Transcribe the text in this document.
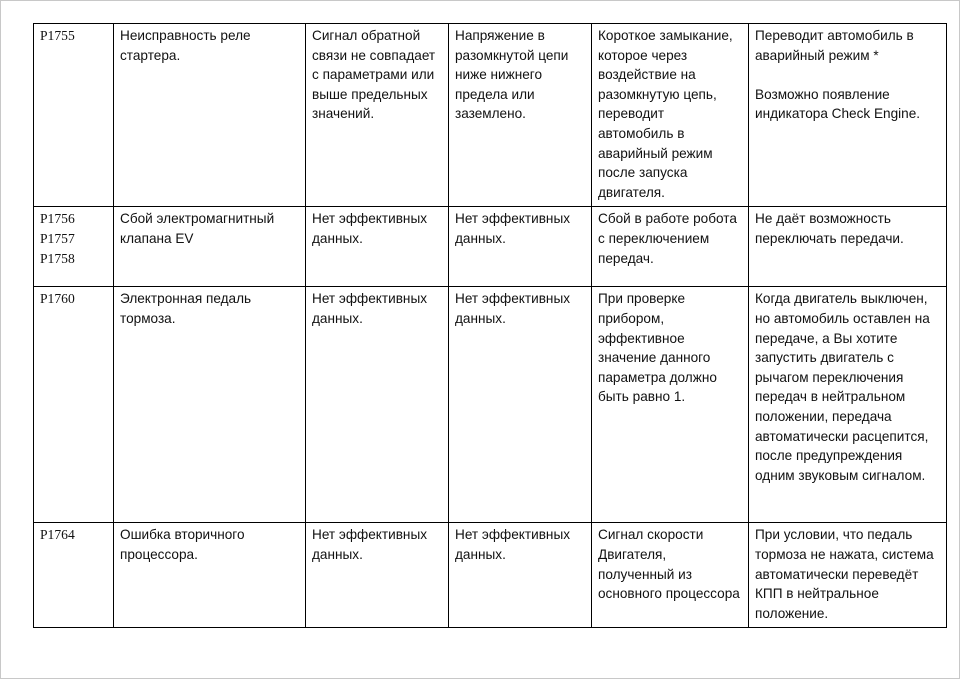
P1755	Неисправность реле стартера.	Сигнал обратной связи не совпадает с параметрами или выше предельных значений.	Напряжение в разомкнутой цепи ниже нижнего предела или заземлено.	Короткое замыкание, которое через воздействие на разомкнутую цепь, переводит автомобиль в аварийный режим после запуска двигателя.	Переводит автомобиль в аварийный режим *
Возможно появление индикатора Check Engine.

P1756
P1757
P1758	Сбой электромагнитный клапана EV	Нет эффективных данных.	Нет эффективных данных.	Сбой в работе робота с переключением передач.	Не даёт возможность переключать передачи.

P1760	Электронная педаль тормоза.	Нет эффективных данных.	Нет эффективных данных.	При проверке прибором, эффективное значение данного параметра должно быть равно 1.	Когда двигатель выключен, но автомобиль оставлен на передаче, а Вы хотите запустить двигатель с рычагом переключения передач в нейтральном положении, передача автоматически расцепится, после предупреждения одним звуковым сигналом.

P1764	Ошибка вторичного процессора.	Нет эффективных данных.	Нет эффективных данных.	Сигнал скорости Двигателя, полученный из основного процессора	При условии, что педаль тормоза не нажата, система автоматически переведёт КПП в нейтральное положение.
